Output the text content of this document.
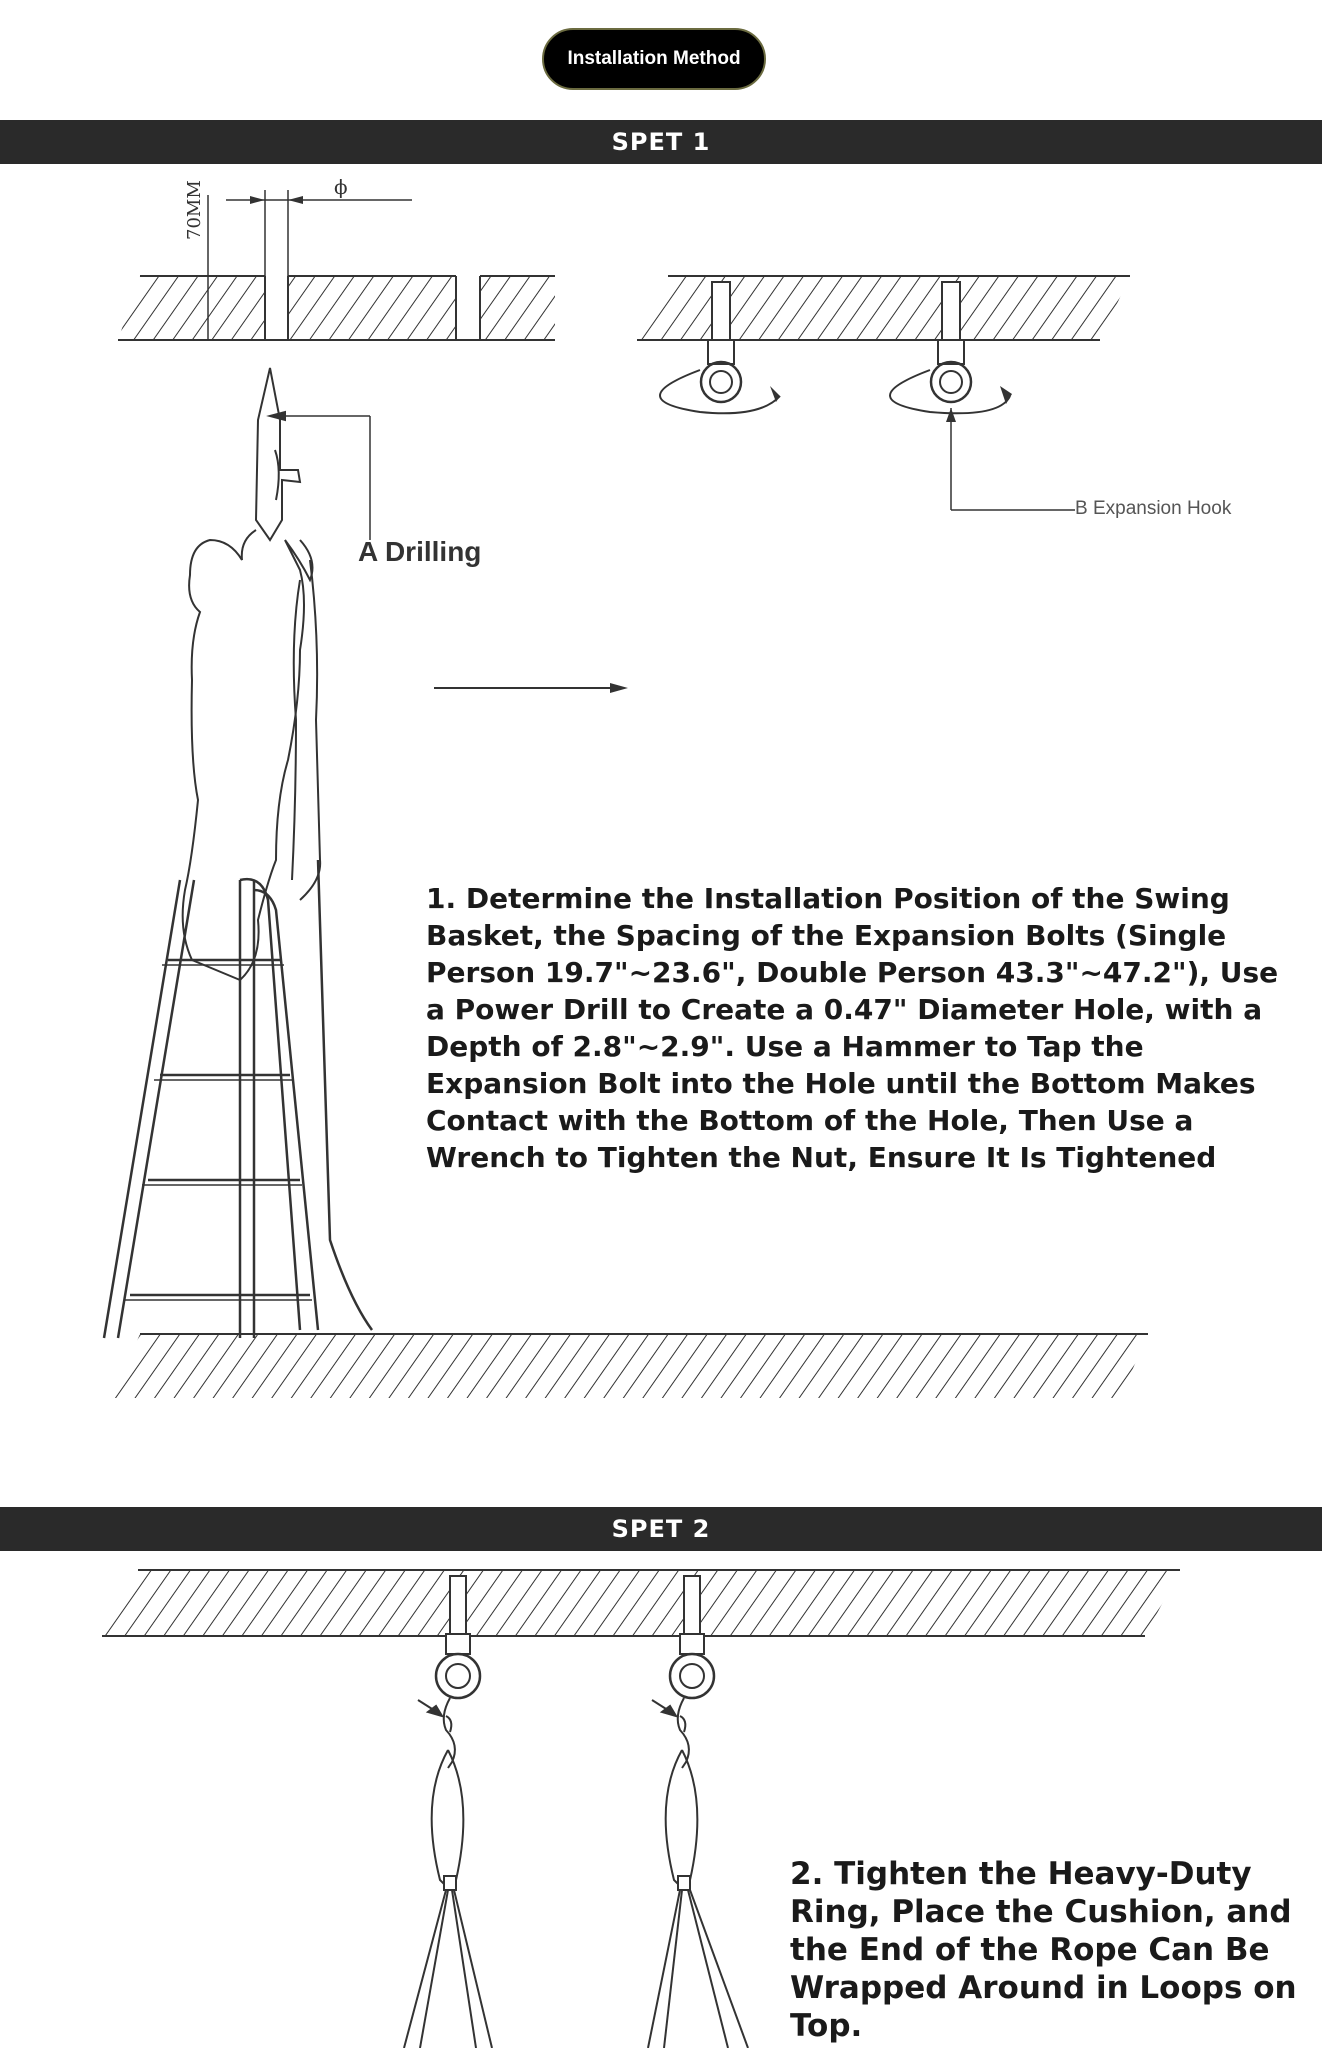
Installation Method
SPET 1
70MM	ϕ
A Drilling
B Expansion Hook

1. Determine the Installation Position of the Swing Basket, the Spacing of the Expansion Bolts (Single Person 19.7"~23.6", Double Person 43.3"~47.2"), Use a Power Drill to Create a 0.47" Diameter Hole, with a Depth of 2.8"~2.9". Use a Hammer to Tap the Expansion Bolt into the Hole until the Bottom Makes Contact with the Bottom of the Hole, Then Use a Wrench to Tighten the Nut, Ensure It Is Tightened

SPET 2

2. Tighten the Heavy-Duty Ring, Place the Cushion, and the End of the Rope Can Be Wrapped Around in Loops on Top.
